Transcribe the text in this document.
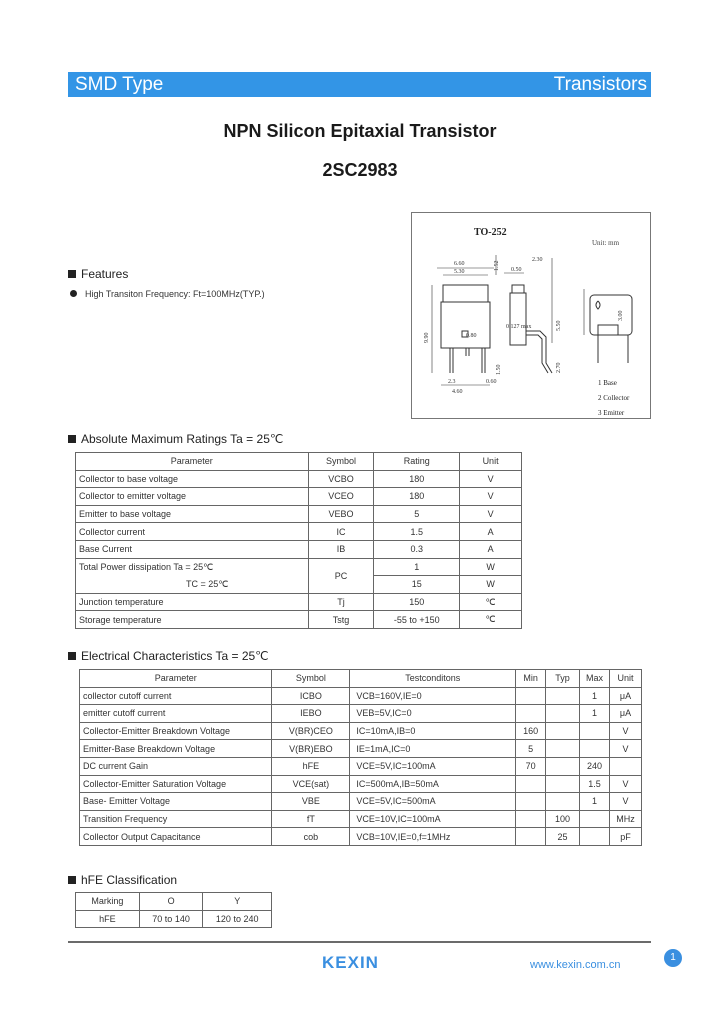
SMD Type	Transistors
NPN Silicon Epitaxial Transistor
2SC2983
TO-252
Unit: mm
6.60
5.30
1.52 0.50
2.30
9.90	0.80
0.127 max	5.50
3.00
2.3
4.60
0.60
1.50	2.70
1 Base
2 Collector
3 Emitter
Features
High Transiton Frequency: Ft=100MHz(TYP.)
Absolute Maximum Ratings Ta = 25℃
Parameter	Symbol	Rating	Unit
Collector to base voltage	VCBO	180	V
Collector to emitter voltage	VCEO	180	V
Emitter to base voltage	VEBO	5	V
Collector current	IC	1.5	A
Base Current	IB	0.3	A
Total Power dissipation Ta = 25℃	PC	1	W
TC = 25℃		15	W
Junction temperature	Tj	150	℃
Storage temperature	Tstg	-55 to +150	℃
Electrical Characteristics Ta = 25℃
Parameter	Symbol	Testconditons	Min	Typ	Max	Unit
collector cutoff current	ICBO	VCB=160V,IE=0			1	μA
emitter cutoff current	IEBO	VEB=5V,IC=0			1	μA
Collector-Emitter Breakdown Voltage	V(BR)CEO	IC=10mA,IB=0	160			V
Emitter-Base Breakdown Voltage	V(BR)EBO	IE=1mA,IC=0	5			V
DC current Gain	hFE	VCE=5V,IC=100mA	70		240	
Collector-Emitter Saturation Voltage	VCE(sat)	IC=500mA,IB=50mA			1.5	V
Base- Emitter Voltage	VBE	VCE=5V,IC=500mA			1	V
Transition Frequency	fT	VCE=10V,IC=100mA		100		MHz
Collector Output Capacitance	cob	VCB=10V,IE=0,f=1MHz		25		pF
hFE Classification
Marking	O	Y
hFE	70 to 140	120 to 240
1
KEXIN	www.kexin.com.cn
